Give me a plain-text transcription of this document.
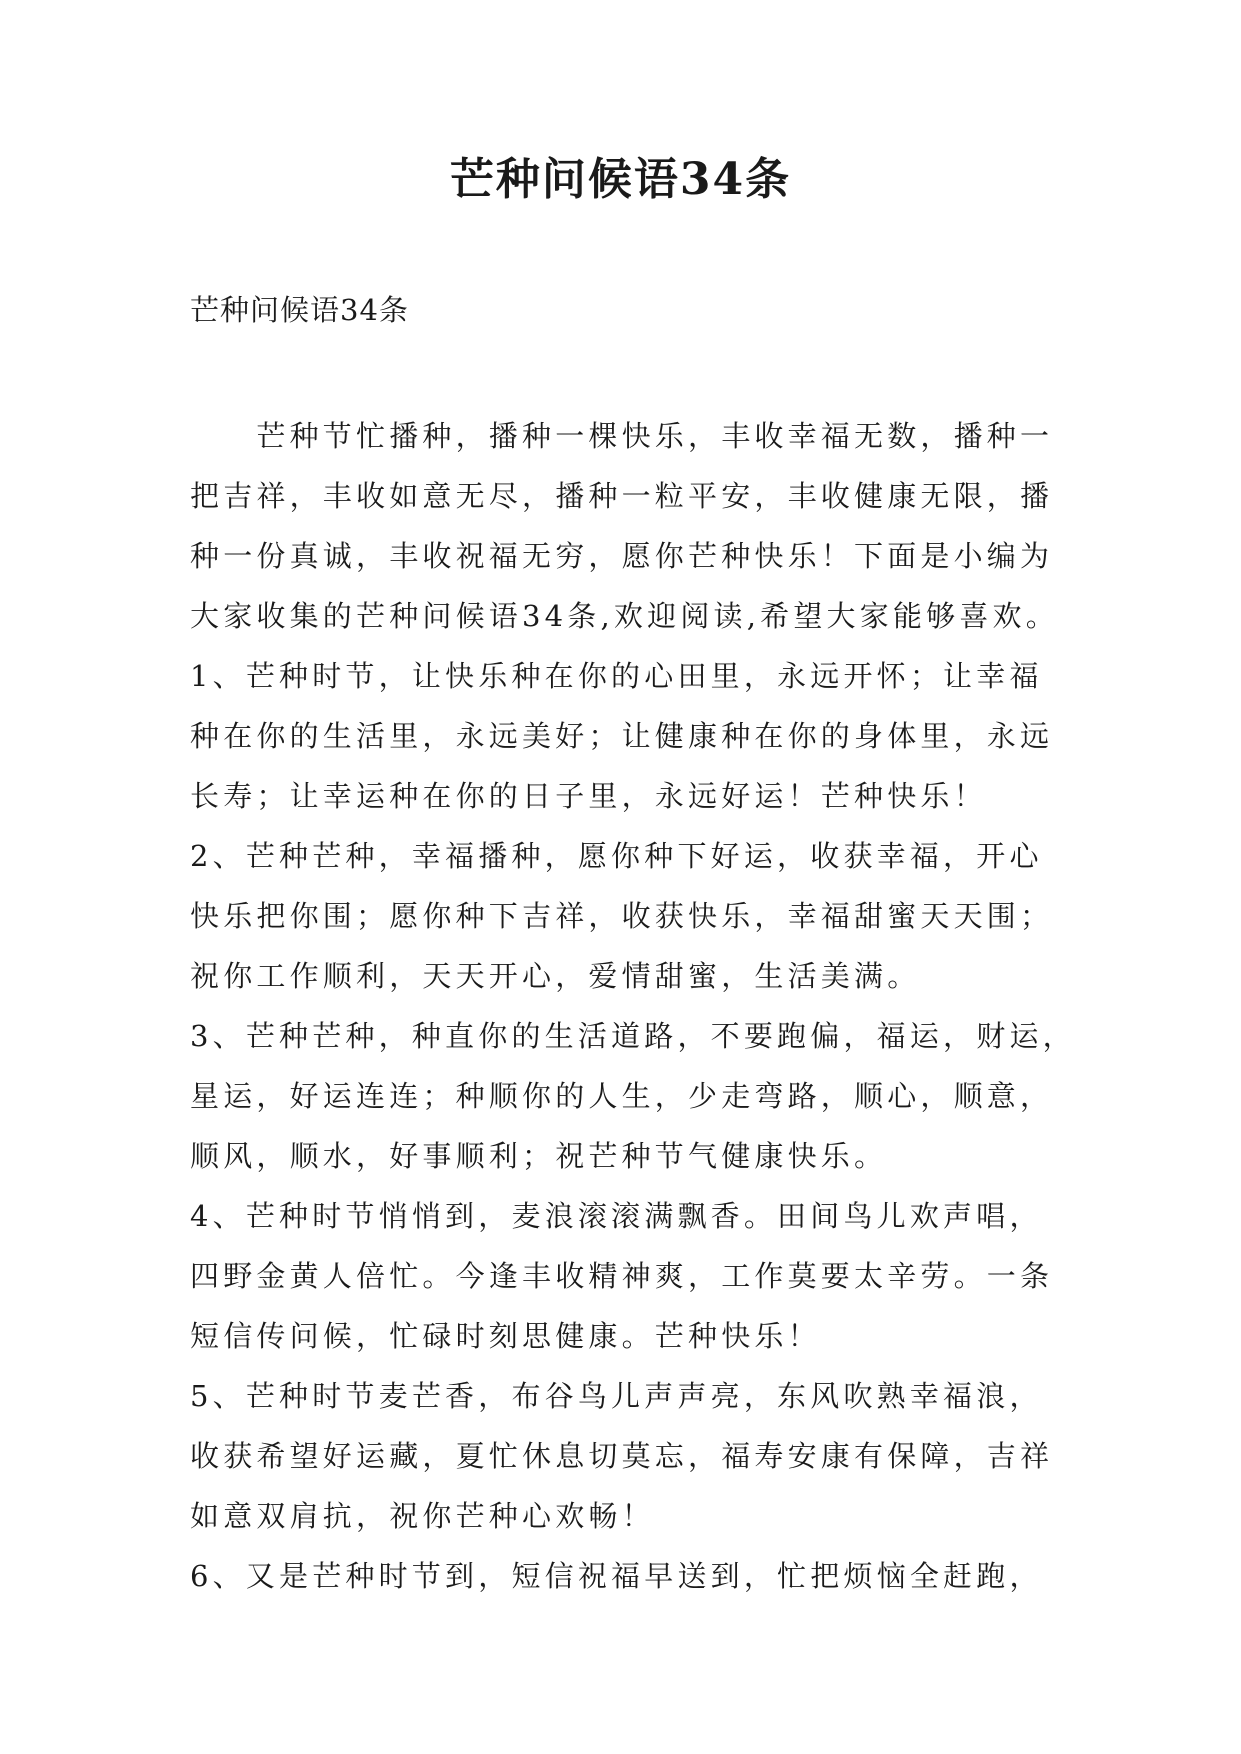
芒种问候语34条
芒种问候语34条
　　芒种节忙播种，播种一棵快乐，丰收幸福无数，播种一
把吉祥，丰收如意无尽，播种一粒平安，丰收健康无限，播
种一份真诚，丰收祝福无穷，愿你芒种快乐！下面是小编为
大家收集的芒种问候语34条,欢迎阅读,希望大家能够喜欢。
1、芒种时节，让快乐种在你的心田里，永远开怀；让幸福
种在你的生活里，永远美好；让健康种在你的身体里，永远
长寿；让幸运种在你的日子里，永远好运！芒种快乐！
2、芒种芒种，幸福播种，愿你种下好运，收获幸福，开心
快乐把你围；愿你种下吉祥，收获快乐，幸福甜蜜天天围；
祝你工作顺利，天天开心，爱情甜蜜，生活美满。
3、芒种芒种，种直你的生活道路，不要跑偏，福运，财运，
星运，好运连连；种顺你的人生，少走弯路，顺心，顺意，
顺风，顺水，好事顺利；祝芒种节气健康快乐。
4、芒种时节悄悄到，麦浪滚滚满飘香。田间鸟儿欢声唱，
四野金黄人倍忙。今逢丰收精神爽，工作莫要太辛劳。一条
短信传问候，忙碌时刻思健康。芒种快乐！
5、芒种时节麦芒香，布谷鸟儿声声亮，东风吹熟幸福浪，
收获希望好运藏，夏忙休息切莫忘，福寿安康有保障，吉祥
如意双肩抗，祝你芒种心欢畅！
6、又是芒种时节到，短信祝福早送到，忙把烦恼全赶跑，
